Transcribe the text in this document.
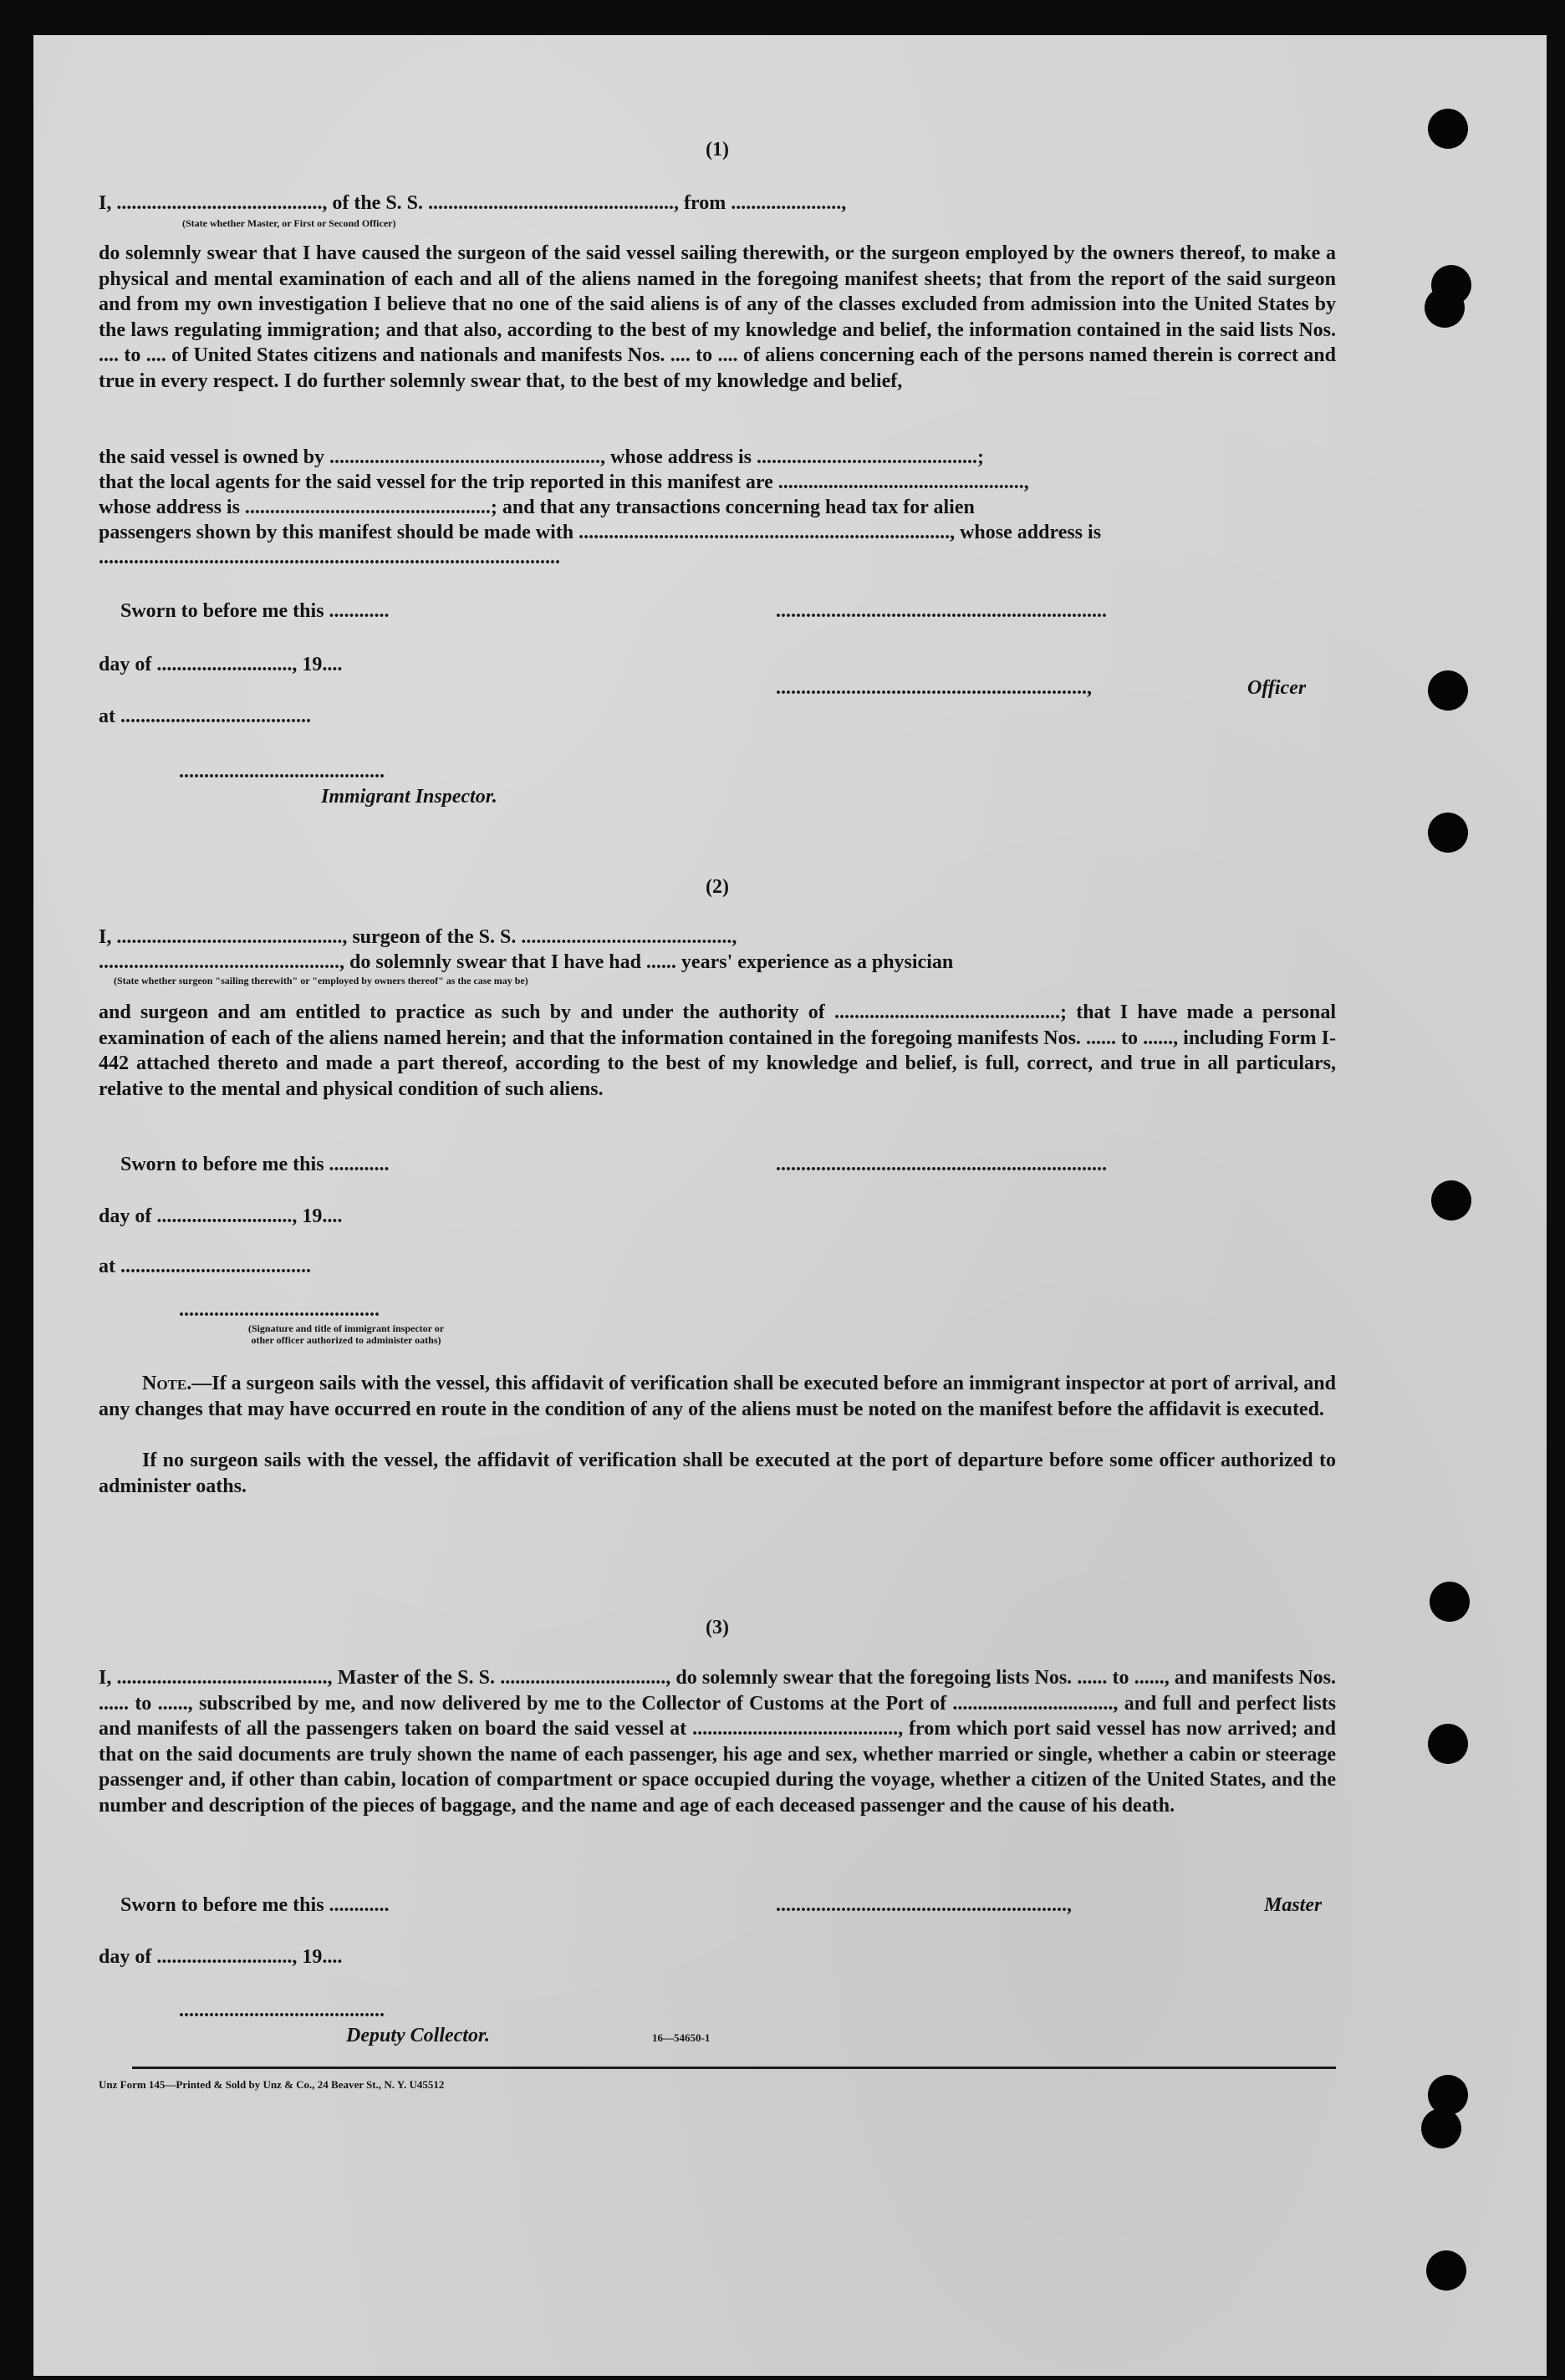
(1)
I, ........................................., of the S. S. ................................................., from ......................,
(State whether Master, or First or Second Officer)
do solemnly swear that I have caused the surgeon of the said vessel sailing therewith, or the surgeon employed by the owners thereof, to make a physical and mental examination of each and all of the aliens named in the foregoing manifest sheets; that from the report of the said surgeon and from my own investigation I believe that no one of the said aliens is of any of the classes excluded from admission into the United States by the laws regulating immigration; and that also, according to the best of my knowledge and belief, the information contained in the said lists Nos. .... to .... of United States citizens and nationals and manifests Nos. .... to .... of aliens concerning each of the persons named therein is correct and true in every respect. I do further solemnly swear that, to the best of my knowledge and belief,
the said vessel is owned by ......................................................, whose address is ............................................;
that the local agents for the said vessel for the trip reported in this manifest are .................................................,
whose address is .................................................; and that any transactions concerning head tax for alien
passengers shown by this manifest should be made with .........................................................................., whose address is
............................................................................................
Sworn to before me this ............	..................................................................
day of ..........................., 19....
..............................................................,	Officer
at ......................................
.........................................
Immigrant Inspector.
(2)
I, ............................................., surgeon of the S. S. ..........................................,
................................................, do solemnly swear that I have had ...... years' experience as a physician
(State whether surgeon "sailing therewith" or "employed by owners thereof" as the case may be)
and surgeon and am entitled to practice as such by and under the authority of .............................................; that I have made a personal examination of each of the aliens named herein; and that the information contained in the foregoing manifests Nos. ...... to ......, including Form I-442 attached thereto and made a part thereof, according to the best of my knowledge and belief, is full, correct, and true in all particulars, relative to the mental and physical condition of such aliens.
Sworn to before me this ............	..................................................................
day of ..........................., 19....
at ......................................
........................................
(Signature and title of immigrant inspector or
other officer authorized to administer oaths)
Note.—If a surgeon sails with the vessel, this affidavit of verification shall be executed before an immigrant inspector at port of arrival, and any changes that may have occurred en route in the condition of any of the aliens must be noted on the manifest before the affidavit is executed.
If no surgeon sails with the vessel, the affidavit of verification shall be executed at the port of departure before some officer authorized to administer oaths.
(3)
I, .........................................., Master of the S. S. ................................., do solemnly swear that the foregoing lists Nos. ...... to ......, and manifests Nos. ...... to ......, subscribed by me, and now delivered by me to the Collector of Customs at the Port of ................................, and full and perfect lists and manifests of all the passengers taken on board the said vessel at ........................................., from which port said vessel has now arrived; and that on the said documents are truly shown the name of each passenger, his age and sex, whether married or single, whether a cabin or steerage passenger and, if other than cabin, location of compartment or space occupied during the voyage, whether a citizen of the United States, and the number and description of the pieces of baggage, and the name and age of each deceased passenger and the cause of his death.
Sworn to before me this ............	..........................................................,	Master
day of ..........................., 19....
.........................................
Deputy Collector.	16—54650-1
Unz Form 145—Printed & Sold by Unz & Co., 24 Beaver St., N. Y. U45512
